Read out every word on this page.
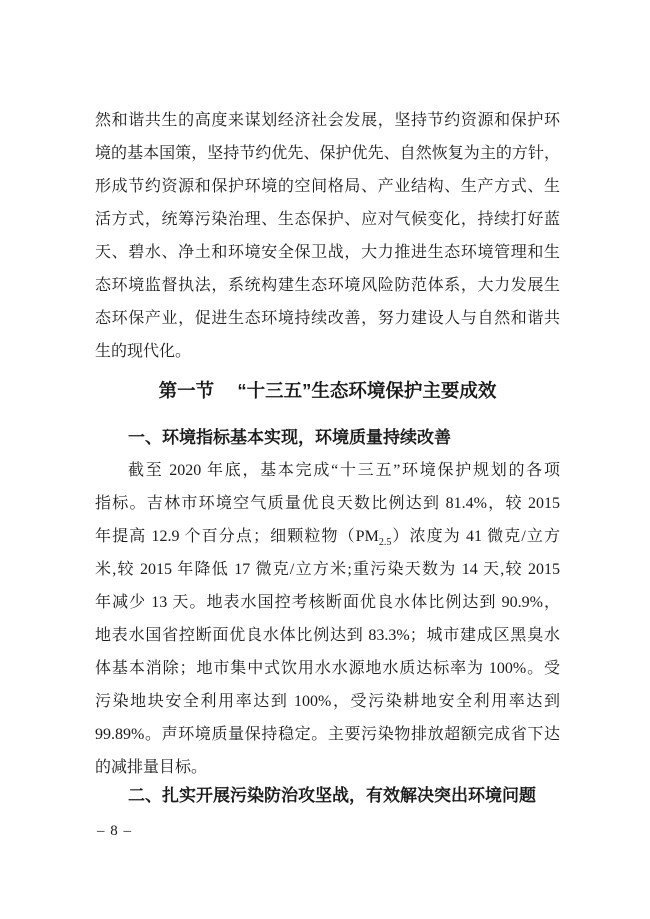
然和谐共生的高度来谋划经济社会发展，坚持节约资源和保护环
境的基本国策，坚持节约优先、保护优先、自然恢复为主的方针，
形成节约资源和保护环境的空间格局、产业结构、生产方式、生
活方式，统筹污染治理、生态保护、应对气候变化，持续打好蓝
天、碧水、净土和环境安全保卫战，大力推进生态环境管理和生
态环境监督执法，系统构建生态环境风险防范体系，大力发展生
态环保产业，促进生态环境持续改善，努力建设人与自然和谐共
生的现代化。
第一节 “十三五”生态环境保护主要成效
一、环境指标基本实现，环境质量持续改善
截至 2020 年底，基本完成“十三五”环境保护规划的各项
指标。吉林市环境空气质量优良天数比例达到 81.4%，较 2015
年提高 12.9 个百分点；细颗粒物$(PM_{2.5})$浓度为 41 微克/立方
米,较 2015 年降低 17 微克/立方米;重污染天数为 14 天,较 2015
年减少 13 天。地表水国控考核断面优良水体比例达到 90.9%，
地表水国省控断面优良水体比例达到 83.3%；城市建成区黑臭水
体基本消除；地市集中式饮用水水源地水质达标率为 100%。受
污染地块安全利用率达到 100%，受污染耕地安全利用率达到
99.89%。声环境质量保持稳定。主要污染物排放超额完成省下达
的减排量目标。
二、扎实开展污染防治攻坚战，有效解决突出环境问题
– 8 –
